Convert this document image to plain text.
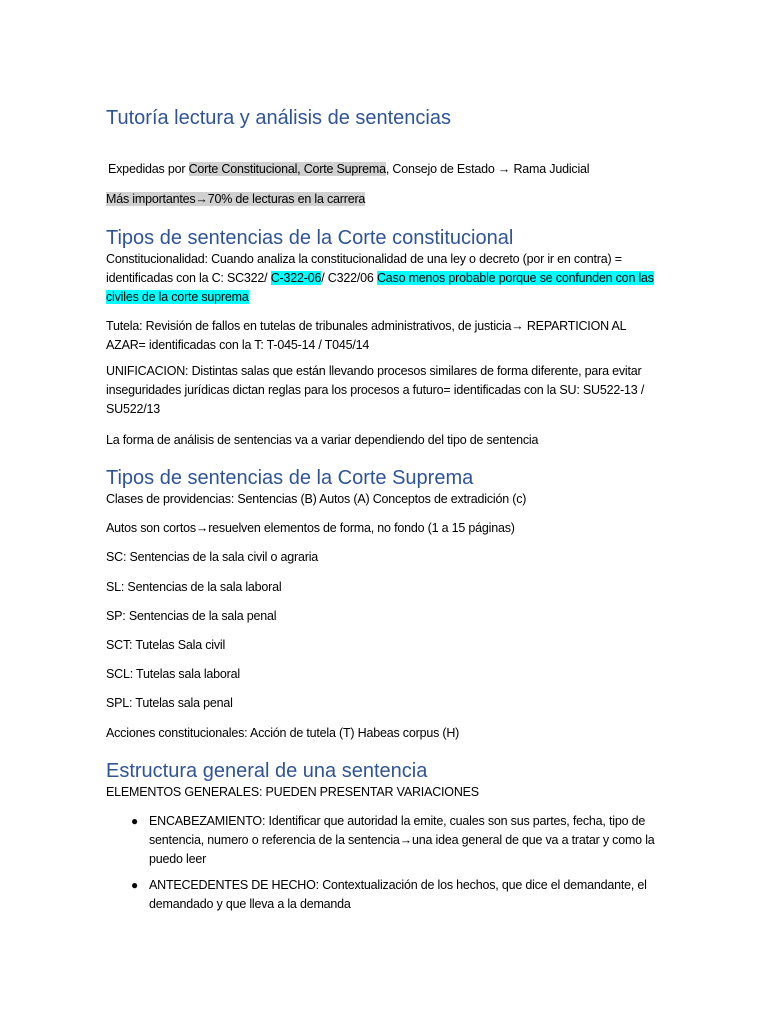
Tutoría lectura y análisis de sentencias

Expedidas por Corte Constitucional, Corte Suprema, Consejo de Estado → Rama Judicial

Más importantes→70% de lecturas en la carrera

Tipos de sentencias de la Corte constitucional

Constitucionalidad: Cuando analiza la constitucionalidad de una ley o decreto (por ir en contra) = identificadas con la C: SC322/ C-322-06/ C322/06 Caso menos probable porque se confunden con las civiles de la corte suprema

Tutela: Revisión de fallos en tutelas de tribunales administrativos, de justicia→ REPARTICION AL AZAR= identificadas con la T: T-045-14 / T045/14

UNIFICACION: Distintas salas que están llevando procesos similares de forma diferente, para evitar inseguridades jurídicas dictan reglas para los procesos a futuro= identificadas con la SU: SU522-13 / SU522/13

La forma de análisis de sentencias va a variar dependiendo del tipo de sentencia

Tipos de sentencias de la Corte Suprema

Clases de providencias: Sentencias (B) Autos (A) Conceptos de extradición (c)

Autos son cortos→resuelven elementos de forma, no fondo (1 a 15 páginas)

SC: Sentencias de la sala civil o agraria

SL: Sentencias de la sala laboral

SP: Sentencias de la sala penal

SCT: Tutelas Sala civil

SCL: Tutelas sala laboral

SPL: Tutelas sala penal

Acciones constitucionales: Acción de tutela (T) Habeas corpus (H)

Estructura general de una sentencia

ELEMENTOS GENERALES: PUEDEN PRESENTAR VARIACIONES

● ENCABEZAMIENTO: Identificar que autoridad la emite, cuales son sus partes, fecha, tipo de sentencia, numero o referencia de la sentencia→una idea general de que va a tratar y como la puedo leer
● ANTECEDENTES DE HECHO: Contextualización de los hechos, que dice el demandante, el demandado y que lleva a la demanda
